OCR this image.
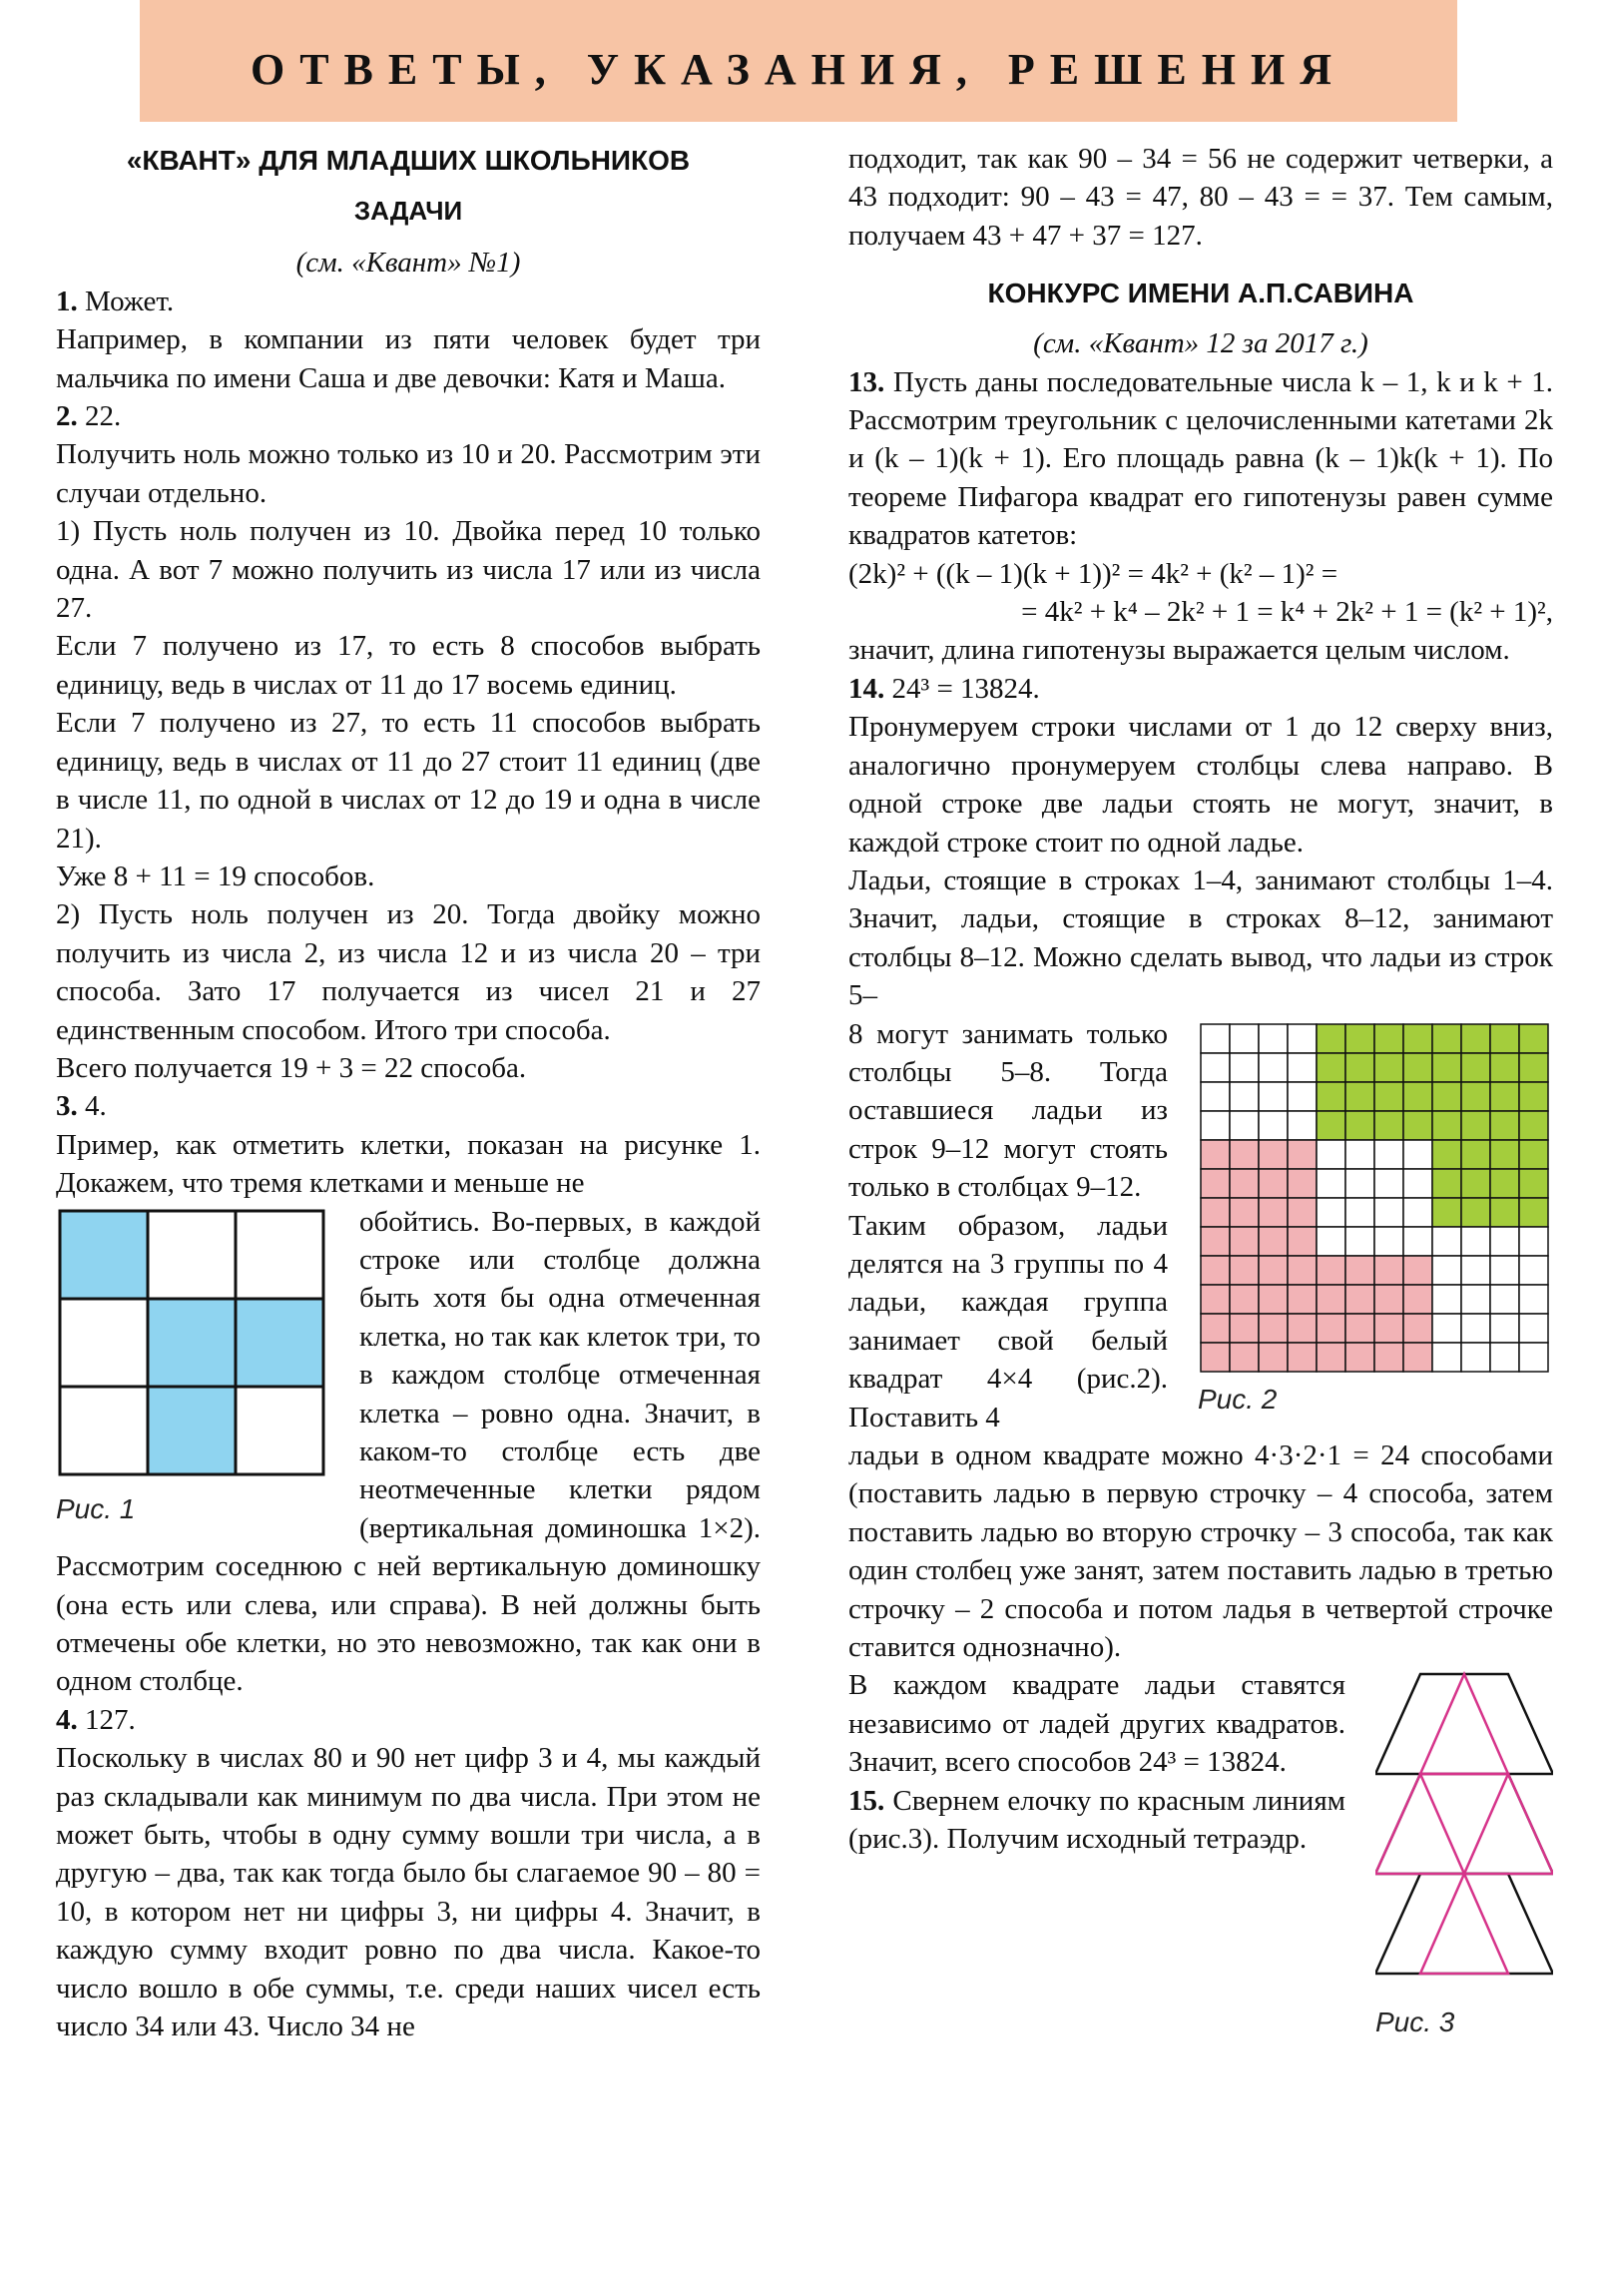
ОТВЕТЫ, УКАЗАНИЯ, РЕШЕНИЯ
«КВАНТ» ДЛЯ МЛАДШИХ ШКОЛЬНИКОВ
ЗАДАЧИ

(см. «Квант» №1)

1. Может.

Например, в компании из пяти человек будет три мальчика по имени Саша и две девочки: Катя и Маша.

2. 22.

Получить ноль можно только из 10 и 20. Рассмотрим эти случаи отдельно.

1) Пусть ноль получен из 10. Двойка перед 10 только одна. А вот 7 можно получить из числа 17 или из числа 27.

Если 7 получено из 17, то есть 8 способов выбрать единицу, ведь в числах от 11 до 17 восемь единиц.

Если 7 получено из 27, то есть 11 способов выбрать единицу, ведь в числах от 11 до 27 стоит 11 единиц (две в числе 11, по одной в числах от 12 до 19 и одна в числе 21).

Уже 8 + 11 = 19 способов.

2) Пусть ноль получен из 20. Тогда двойку можно получить из числа 2, из числа 12 и из числа 20 – три способа. Зато 17 получается из чисел 21 и 27 единственным способом. Итого три способа.

Всего получается 19 + 3 = 22 способа.

3. 4.

Пример, как отметить клетки, показан на рисунке 1. Докажем, что тремя клетками и меньше не

Рис. 1

обойтись. Во-первых, в каждой строке или столбце должна быть хотя бы одна отмеченная клетка, но так как клеток три, то в каждом столбце отмеченная клетка – ровно одна. Значит, в каком-то столбце есть две неотмеченные клетки рядом (вертикальная доминошка 1×2). Рассмотрим соседнюю с ней вертикальную доминошку (она есть или слева, или справа). В ней должны быть отмечены обе клетки, но это невозможно, так как они в одном столбце.

4. 127.

Поскольку в числах 80 и 90 нет цифр 3 и 4, мы каждый раз складывали как минимум по два числа. При этом не может быть, чтобы в одну сумму вошли три числа, а в другую – два, так как тогда было бы слагаемое 90 – 80 = 10, в котором нет ни цифры 3, ни цифры 4. Значит, в каждую сумму входит ровно по два числа. Какое-то число вошло в обе суммы, т.е. среди наших чисел есть число 34 или 43. Число 34 не

подходит, так как 90 – 34 = 56 не содержит четверки, а 43 подходит: 90 – 43 = 47, 80 – 43 = = 37. Тем самым, получаем 43 + 47 + 37 = 127.

КОНКУРС ИМЕНИ А.П.САВИНА

(см. «Квант» 12 за 2017 г.)

13. Пусть даны последовательные числа k – 1, k и k + 1. Рассмотрим треугольник с целочисленными катетами 2k и (k – 1)(k + 1). Его площадь равна (k – 1)k(k + 1). По теореме Пифагора квадрат его гипотенузы равен сумме квадратов катетов:

(2k)² + ((k – 1)(k + 1))² = 4k² + (k² – 1)² =

= 4k² + k⁴ – 2k² + 1 = k⁴ + 2k² + 1 = (k² + 1)²,

значит, длина гипотенузы выражается целым числом.

14. 24³ = 13824.

Пронумеруем строки числами от 1 до 12 сверху вниз, аналогично пронумеруем столбцы слева направо. В одной строке две ладьи стоять не могут, значит, в каждой строке стоит по одной ладье.

Ладьи, стоящие в строках 1–4, занимают столбцы 1–4. Значит, ладьи, стоящие в строках 8–12, занимают столбцы 8–12. Можно сделать вывод, что ладьи из строк 5–

Рис. 2

8 могут занимать только столбцы 5–8. Тогда оставшиеся ладьи из строк 9–12 могут стоять только в столбцах 9–12.

Таким образом, ладьи делятся на 3 группы по 4 ладьи, каждая группа занимает свой белый квадрат 4×4 (рис.2). Поставить 4

ладьи в одном квадрате можно 4·3·2·1 = 24 способами (поставить ладью в первую строчку – 4 способа, затем поставить ладью во вторую строчку – 3 способа, так как один столбец уже занят, затем поставить ладью в третью строчку – 2 способа и потом ладья в четвертой строчке ставится однозначно).

Рис. 3

В каждом квадрате ладьи ставятся независимо от ладей других квадратов. Значит, всего способов 24³ = 13824.

15. Свернем елочку по красным линиям (рис.3). Получим исходный тетраэдр.
